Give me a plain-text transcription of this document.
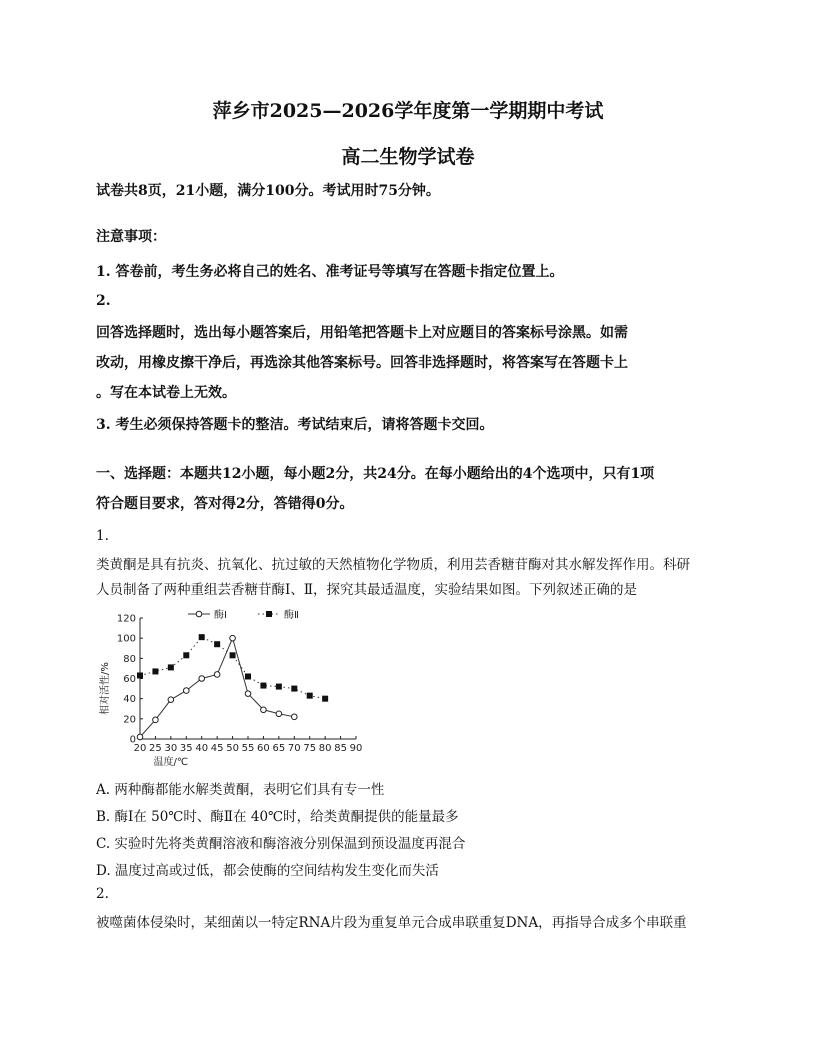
萍乡市2025—2026学年度第一学期期中考试
高二生物学试卷
试卷共8页，21小题，满分100分。考试用时75分钟。
注意事项：
1. 答卷前，考生务必将自己的姓名、准考证号等填写在答题卡指定位置上。
2.
回答选择题时，选出每小题答案后，用铅笔把答题卡上对应题目的答案标号涂黑。如需
改动，用橡皮擦干净后，再选涂其他答案标号。回答非选择题时，将答案写在答题卡上
。写在本试卷上无效。
3. 考生必须保持答题卡的整洁。考试结束后，请将答题卡交回。
一、选择题：本题共12小题，每小题2分，共24分。在每小题给出的4个选项中，只有1项
符合题目要求，答对得2分，答错得0分。
1.
类黄酮是具有抗炎、抗氧化、抗过敏的天然植物化学物质，利用芸香糖苷酶对其水解发挥作用。科研
人员制备了两种重组芸香糖苷酶Ⅰ、Ⅱ，探究其最适温度，实验结果如图。下列叙述正确的是
0
20
40
60
80
100
120
20 25 30 35 40 45 50 55 60 65 70 75 80 85 90
温度/℃
相对活性/%
酶Ⅰ	酶Ⅱ
A. 两种酶都能水解类黄酮，表明它们具有专一性
B. 酶Ⅰ在 50℃时、酶Ⅱ在 40℃时，给类黄酮提供的能量最多
C. 实验时先将类黄酮溶液和酶溶液分别保温到预设温度再混合
D. 温度过高或过低，都会使酶的空间结构发生变化而失活
2.
被噬菌体侵染时，某细菌以一特定RNA片段为重复单元合成串联重复DNA，再指导合成多个串联重
